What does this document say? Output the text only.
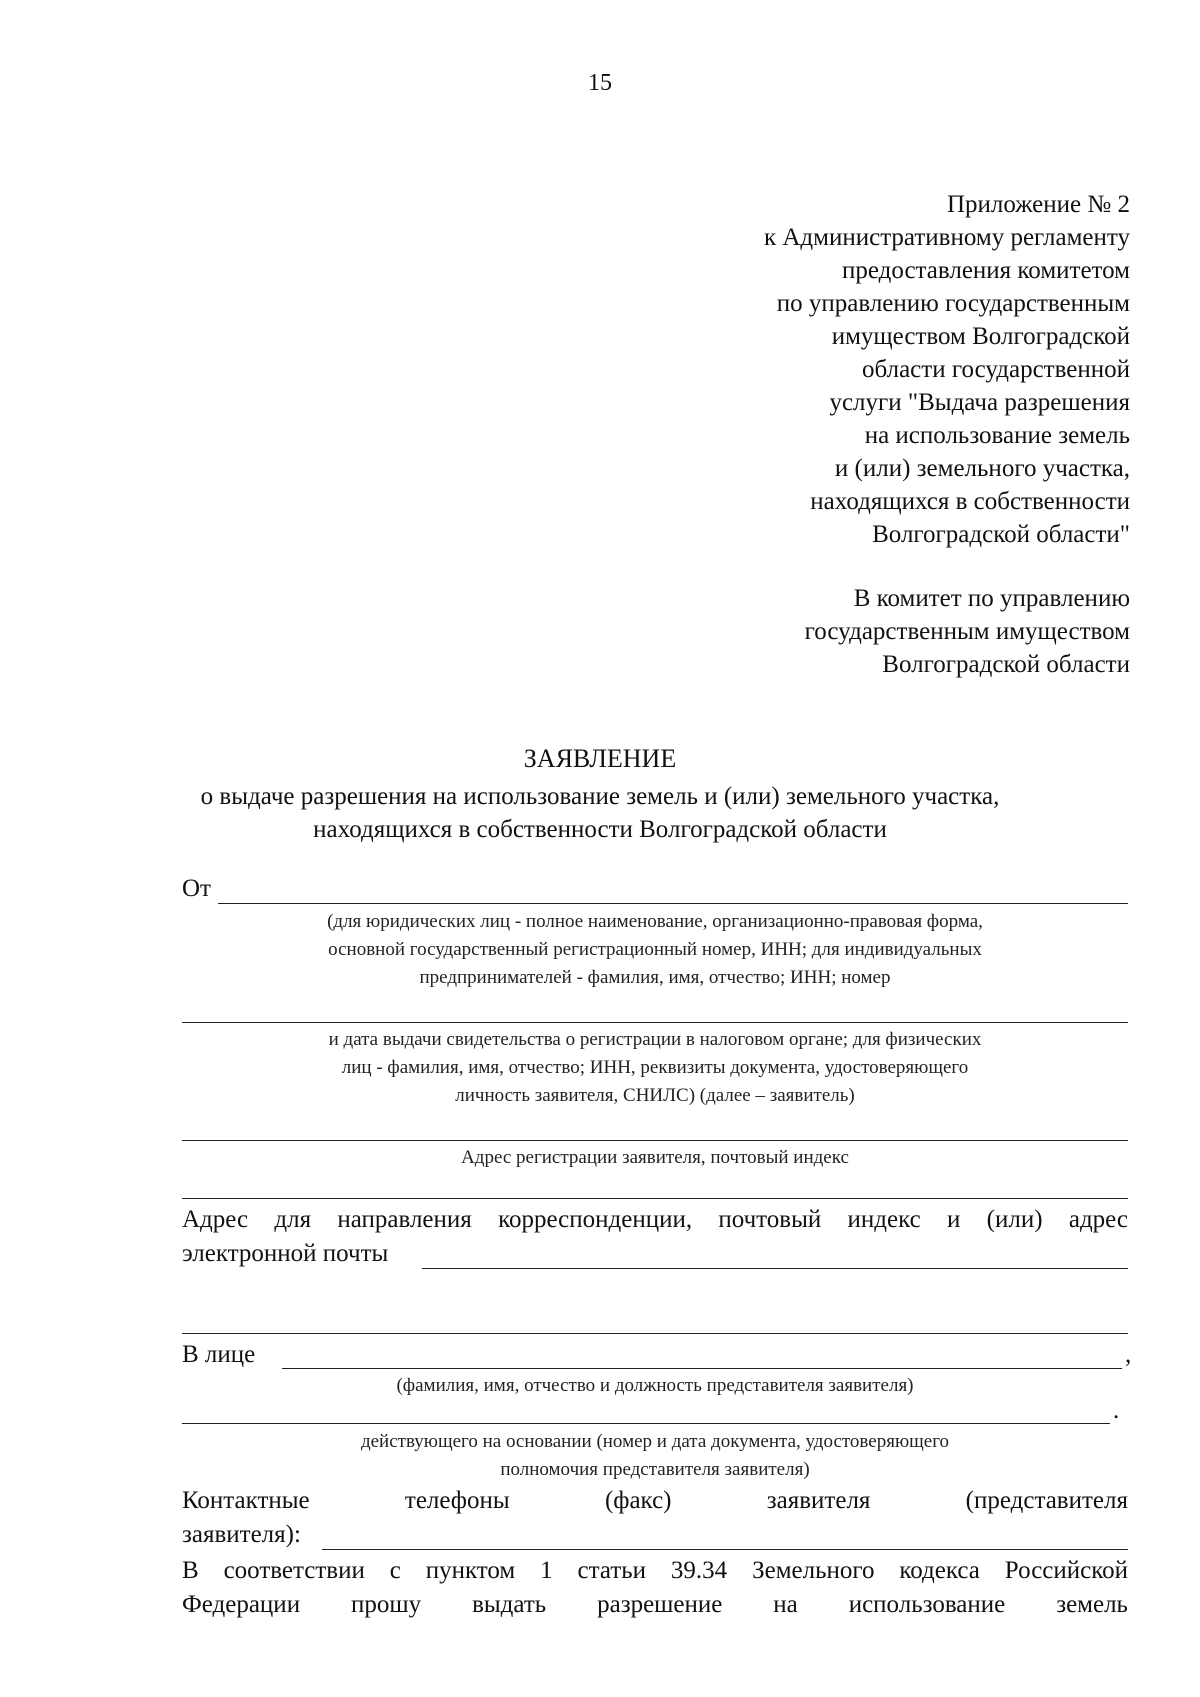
15
Приложение № 2
к Административному регламенту
предоставления комитетом
по управлению государственным
имуществом Волгоградской
области государственной
услуги "Выдача разрешения
на использование земель
и (или) земельного участка,
находящихся в собственности
Волгоградской области"
В комитет по управлению
государственным имуществом
Волгоградской области
ЗАЯВЛЕНИЕ
о выдаче разрешения на использование земель и (или) земельного участка,
находящихся в собственности Волгоградской области
От
(для юридических лиц - полное наименование, организационно-правовая форма,
основной государственный регистрационный номер, ИНН; для индивидуальных
предпринимателей - фамилия, имя, отчество; ИНН; номер
и дата выдачи свидетельства о регистрации в налоговом органе; для физических
лиц - фамилия, имя, отчество; ИНН, реквизиты документа, удостоверяющего
личность заявителя, СНИЛС) (далее – заявитель)
Адрес регистрации заявителя, почтовый индекс
Адрес для направления корреспонденции, почтовый индекс и (или) адрес
электронной почты
В лице	,
(фамилия, имя, отчество и должность представителя заявителя)
.
действующего на основании (номер и дата документа, удостоверяющего
полномочия представителя заявителя)
Контактные	телефоны	(факс)	заявителя	(представителя
заявителя):
В соответствии с пунктом 1 статьи 39.34 Земельного кодекса Российской
Федерации прошу выдать разрешение на использование земель
